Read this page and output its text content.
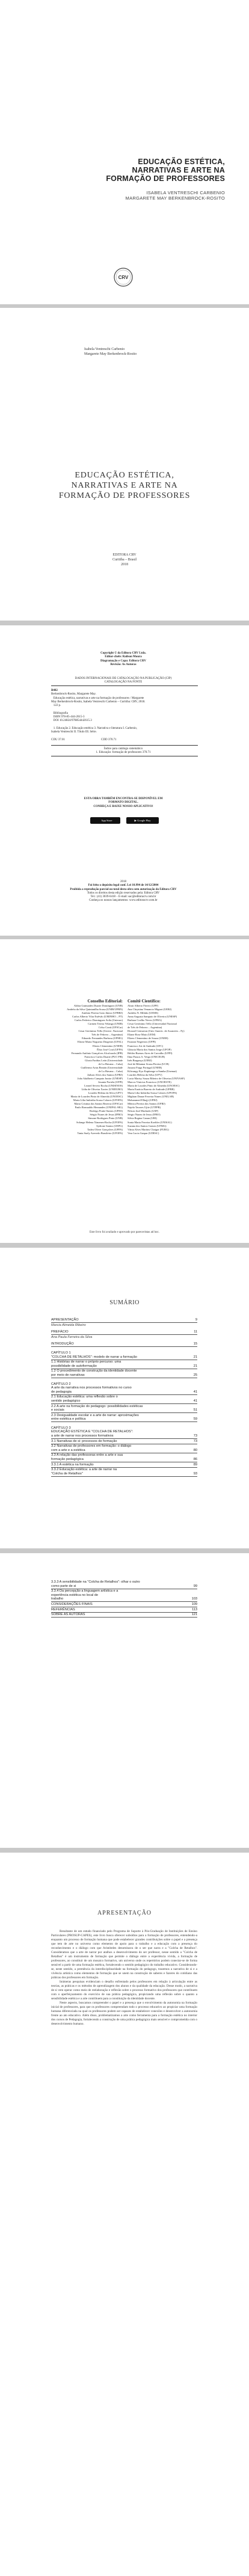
EDUCAÇÃO ESTÉTICA,
NARRATIVAS E ARTE NA
FORMAÇÃO DE PROFESSORES
ISABELA VENTRESCHI CARBENIO
MARGARETE MAY BERKENBROCK-ROSITO
CRV
Isabela Ventreschi Carbenio
Margarete May Berkenbrock-Rosito
EDUCAÇÃO ESTÉTICA,
NARRATIVAS E ARTE NA
FORMAÇÃO DE PROFESSORES
EDITORA CRV
Curitiba – Brasil
2018
Copyright © da Editora CRV Ltda.
Editor-chefe: Railson Moura
Diagramação e Capa: Editora CRV
Revisão: As Autoras
DADOS INTERNACIONAIS DE CATALOGAÇÃO NA PUBLICAÇÃO (CIP)
CATALOGAÇÃO NA FONTE
B482
Berkenbrock-Rosito, Margarete May.
Educação estética, narrativas e arte na formação de professores / Margarete
May Berkenbrock-Rosito, Isabela Ventreschi Carbenio – Curitiba: CRV, 2018.
122 p.

Bibliografia
ISBN 978-85-444-2615-3
DOI 10.24824/978854442615.3

1. Educação 2. Educação estética 3. Narrativa e literatura I. Carbenio,
Isabela Ventreschi II. Título III. Série.

CDU 37.01                                                CDD 370.71
Índice para catálogo sistemático
1. Educação: formação de professores 370.71
ESTA OBRA TAMBÉM ENCONTRA-SE DISPONÍVEL EM
FORMATO DIGITAL.
CONHEÇA E BAIXE NOSSO APLICATIVO!
App Store	▶ Google Play
2018
Foi feito o depósito legal conf. Lei 10.994 de 14/12/2004
Proibida a reprodução parcial ou total desta obra sem autorização da Editora CRV
Todos os direitos desta edição reservados pela: Editora CRV
Tel.: (41) 3039-6418 – E-mail: sac@editoracrv.com.br
Conheça os nossos lançamentos: www.editoracrv.com.br
Conselho Editorial:
Aldira Guimarães Duarte Domínguez (UNB)
Andréia da Silva Quintanilha Sousa (UNIR/UFRN)
Antônio Pereira Gaio Júnior (UFRRJ)
Carlos Alberto Vilar Estêvão (UMINHO – PT)
Carlos Federico Dominguez Avila (Unieuro)
Carmen Tereza Velanga (UNIR)
Celso Conti (UFSCar)
Cesar Gerónimo Tello (Univer .Nacional
Três de Febrero – Argentina)
Eduardo Fernandes Barbosa (UFMG)
Elione Maria Nogueira Diogenes (UFAL)
Elizeu Clementino (UNEB)
Élsio José Corá (UFFS)
Fernando Antônio Gonçalves Alcoforado (IPB)
Francisco Carlos Duarte (PUC-PR)
Gloria Fariñas León (Universidade
de La Havana – Cuba)
Guillermo Arias Beatón (Universidade
de La Havana – Cuba)
Jailson Alves dos Santos (UFRJ)
João Adalberto Campato Junior (UNESP)
Josania Portela (UFPI)
Leonel Severo Rocha (UNISINOS)
Lídia de Oliveira Xavier (UNIEURO)
Lourdes Helena da Silva (UFV)
Maria de Lourdes Pinto de Almeida (UNOESC)
Maria Lília Imbiriba Sousa Colares (UFOPA)
Maria Cristina dos Santos Bezerra (UFSCar)
Paulo Romualdo Hernandes (UNIFAL-MG)
Rodrigo Pratte-Santos (UFES)
Sérgio Nunes de Jesus (IFRO)
Simone Rodrigues Pinto (UNB)
Solange Helena Ximenes-Rocha (UFOPA)
Sydione Santos (UEPG)
Tadeu Oliver Gonçalves (UFPA)
Tania Suely Azevedo Brasileiro (UFOPA)
Comitê Científico:
Altair Alberto Fávero (UPF)
Ana Chrystina Venancio Mignot (UERJ)
Andréia N. Militão (UEMS)
Anna Augusta Sampaio de Oliveira (UNESP)
Barbara Coelho Neves (UFBA)
Cesar Gerónimo Tello (Universidad Nacional
de Três de Febrero – Argentina)
Diosnel Centurion (Univ Americ. de Asunción – Py)
Eliane Rose Maio (UEM)
Elizeu Clementino de Souza (UNEB)
Fauston Negreiros (UFPI)
Francisco Ari de Andrade (UFC)
Gláucia Maria dos Santos Jorge (UFOP)
Helder Buenos Aires de Carvalho (UFPI)
Ilma Passos A. Veiga (UNICEUB)
Inês Bragança (UERJ)
José de Ribamar Sousa Pereira (UCB)
Jussara Fraga Portugal (UNEB)
Kilwangy Kya Kapitango-a-Samba (Unemat)
Lourdes Helena da Silva (UFV)
Lucia Marisy Souza Ribeiro de Oliveira (UNIVASF)
Marcos Vinicius Francisco (UNOESTE)
Maria de Lourdes Pinto de Almeida (UNOESC)
Maria Eurácia Barreto de Andrade (UFRB)
Maria Lília Imbiriba Sousa Colares (UFOPA)
Míghian Danae Ferreira Nunes (UNILAB)
Mohammed Elhajji (UFRJ)
Mônica Pereira dos Santos (UFRJ)
Najela Tavares Ujiie (UTFPR)
Nilson José Machado (USP)
Sérgio Nunes de Jesus (IFRO)
Silvia Regina Canan (URI)
Sonia Maria Ferreira Koehler (UNISAL)
Suzana dos Santos Gomes (UFMG)
Vânia Alves Martins Chaigar (FURG)
Vera Lucia Gaspar (UDESC)
Este livro foi avaliado e aprovado por pareceristas ad hoc.
SUMÁRIO
APRESENTAÇÃO	9
Marcia Almeida Ribeiro
PREFÁCIO	11
Ana Paula Ferreira da Silva
INTRODUÇÃO	15
CAPÍTULO 1
"COLCHA DE RETALHOS": modelo de narrar a formação	21
1.1 Histórias de narrar o próprio percurso: uma
possibilidade de autoformação	21
1.2 O procedimento de construção da identidade docente
por meio de narrativas	25
CAPÍTULO 2
A arte da narrativa nos processos formativos no curso
de pedagogia	41
2.1 Educação estética: uma reflexão sobre o
sentido pedagógico	41
2.2 A arte na formação do pedagogo: possibilidades estéticas
e sociais	51
2.3 Desigualdade escolar e a arte de narrar: aproximações
entre estética e política	59
CAPÍTULO 3
EDUCAÇÃO ESTÉTICA E "COLCHA DE RETALHOS":
a arte de narrar nos processos formativos	73
3.1 Narrativas de si: processos de formação	73
3.2 Narrativas de professores em formação: o diálogo
com a arte e a estética	80
3.3 A relação das professoras entre a arte e sua
formação pedagógica	86
3.3.1 A estética na formação	89
3.3.2 Educação estética: a arte de narrar na
"Colcha de Retalhos"	93
3.3.3 A sensibilidade na "Colcha de Retalhos": olhar o outro
como parte de si	99
3.3.4 Da percepção a linguagem artística e a
experiência estética no local de
trabalho	103
CONSIDERAÇÕES FINAIS	109
REFERÊNCIAS	113
SOBRE AS AUTORAS	121
APRESENTAÇÃO

Resultante de um estudo financiado pelo Programa de Suporte à Pós-Graduação de Instituições de Ensino Particulares (PROSUP-CAPES), este livro busca oferecer subsídios para a formação de professores, entendendo-a enquanto um processo de formação humana que pode estabelecer grandes contribuições sobre o papel e a presença que tem de arte no universo como elemento de apoio para o trabalho e a educação com a presença do reconhecimento e o diálogo com que Aristóteles denominava de o ser que narra e a "Colcha de Retalhos". Consideramos que a arte de narrar por atalhos a desenvolvimento do ser professor, nesse sentido a "Colcha de Retalhos" é um instrumento de formação que permite o diálogo entre a experiência vivida, a formação de professores, ao constituir de um mosaico formativo, um universo onde os repertórios podem conectar-se de forma sensível a partir de uma formação estética, fortalecendo o sentido pedagógico do trabalho educativo. Considerando-se, neste sentido, a premência da interdisciplinaridade na formação do pedagogo, trazemos a narrativa de si e a vivência artística como elementos de formação que se unem na construção de saberes e fazeres do cotidiano das práticas dos professores em formação.

Inúmeras pesquisas evidenciam o desafio enfrentado pelos professores em relação à articulação entre as teorias, as práticas e os métodos de aprendizagem dos alunos e da qualidade da educação. Desse modo, a narrativa de si vem operar como meio de reelaboração e reflexão sobre o processo formativo dos professores que contribuem com o aperfeiçoamento do exercício de sua prática pedagógica, propiciando uma reflexão sobre o quanto a sensibilidade estética e a arte contribuem para a constituição da identidade docente.

Neste aspecto, buscamos compreender o papel e a presença que o envolvimento da autonomia na formação inicial de professores, para que os professores compreendam todo o processo educativo ao propiciar uma formação humana diferenciada na qual os professores podem ser capazes de estabelecer conexões e desenvolver a autonomia frente ao ato educativo. Além disso, problematizamos a arte como ferramenta para a formação estética no interior dos cursos de Pedagogia, fortalecendo a construção de uma prática pedagógica mais sensível e comprometida com o desenvolvimento humano.
